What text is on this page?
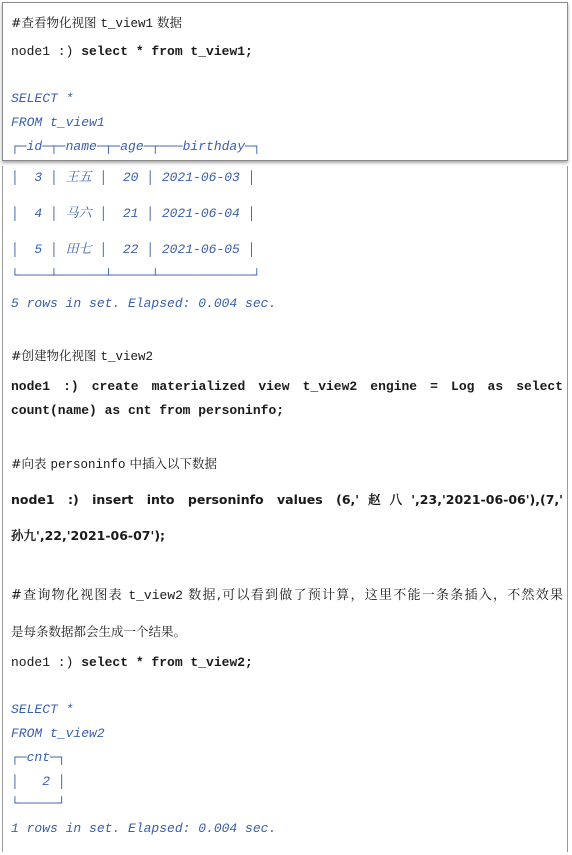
#查看物化视图 t_view1 数据
node1 :) select * from t_view1;
SELECT *
FROM t_view1
┌─id─┬─name─┬─age─┬───birthday─┐
│  3 │ 王五 │  20 │ 2021-06-03 │
│  4 │ 马六 │  21 │ 2021-06-04 │
│  5 │ 田七 │  22 │ 2021-06-05 │
└────┴──────┴─────┴────────────┘
5 rows in set. Elapsed: 0.004 sec.
#创建物化视图 t_view2
node1 :) create materialized view t_view2 engine = Log as select
count(name) as cnt from personinfo;
#向表 personinfo 中插入以下数据
node1 :) insert into personinfo values (6,'赵八',23,'2021-06-06'),(7,'
孙九',22,'2021-06-07');
#查询物化视图表 t_view2 数据,可以看到做了预计算，这里不能一条条插入，不然效果
是每条数据都会生成一个结果。
node1 :) select * from t_view2;
SELECT *
FROM t_view2
┌─cnt─┐
│   2 │
└─────┘
1 rows in set. Elapsed: 0.004 sec.
